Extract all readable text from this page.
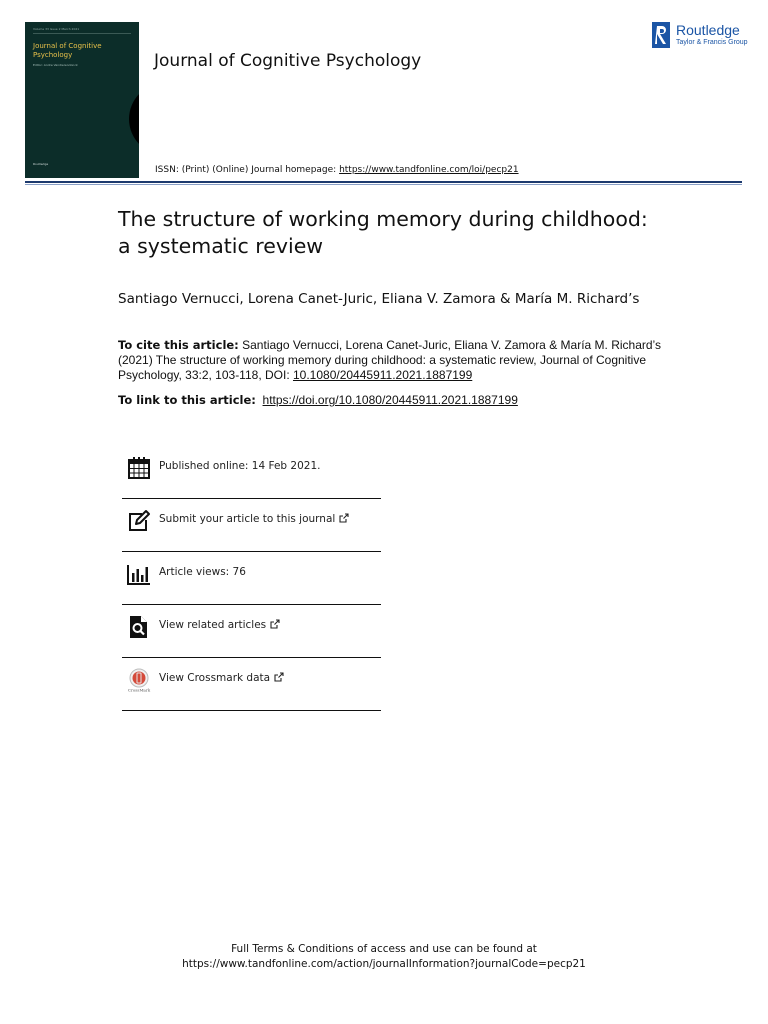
Volume 33 Issue 2 March 2021
Journal of Cognitive Psychology
Editor: Andre Vandierendonck
Routledge
Journal of Cognitive Psychology
ISSN: (Print) (Online) Journal homepage: https://www.tandfonline.com/loi/pecp21
Routledge
Taylor & Francis Group
The structure of working memory during childhood: a systematic review
Santiago Vernucci, Lorena Canet-Juric, Eliana V. Zamora & María M. Richard’s
To cite this article: Santiago Vernucci, Lorena Canet-Juric, Eliana V. Zamora & María M. Richard’s (2021) The structure of working memory during childhood: a systematic review, Journal of Cognitive Psychology, 33:2, 103-118, DOI: 10.1080/20445911.2021.1887199
To link to this article: https://doi.org/10.1080/20445911.2021.1887199
Published online: 14 Feb 2021.
Submit your article to this journal
Article views: 76
View related articles
CrossMark
View Crossmark data
Full Terms & Conditions of access and use can be found at
https://www.tandfonline.com/action/journalInformation?journalCode=pecp21
